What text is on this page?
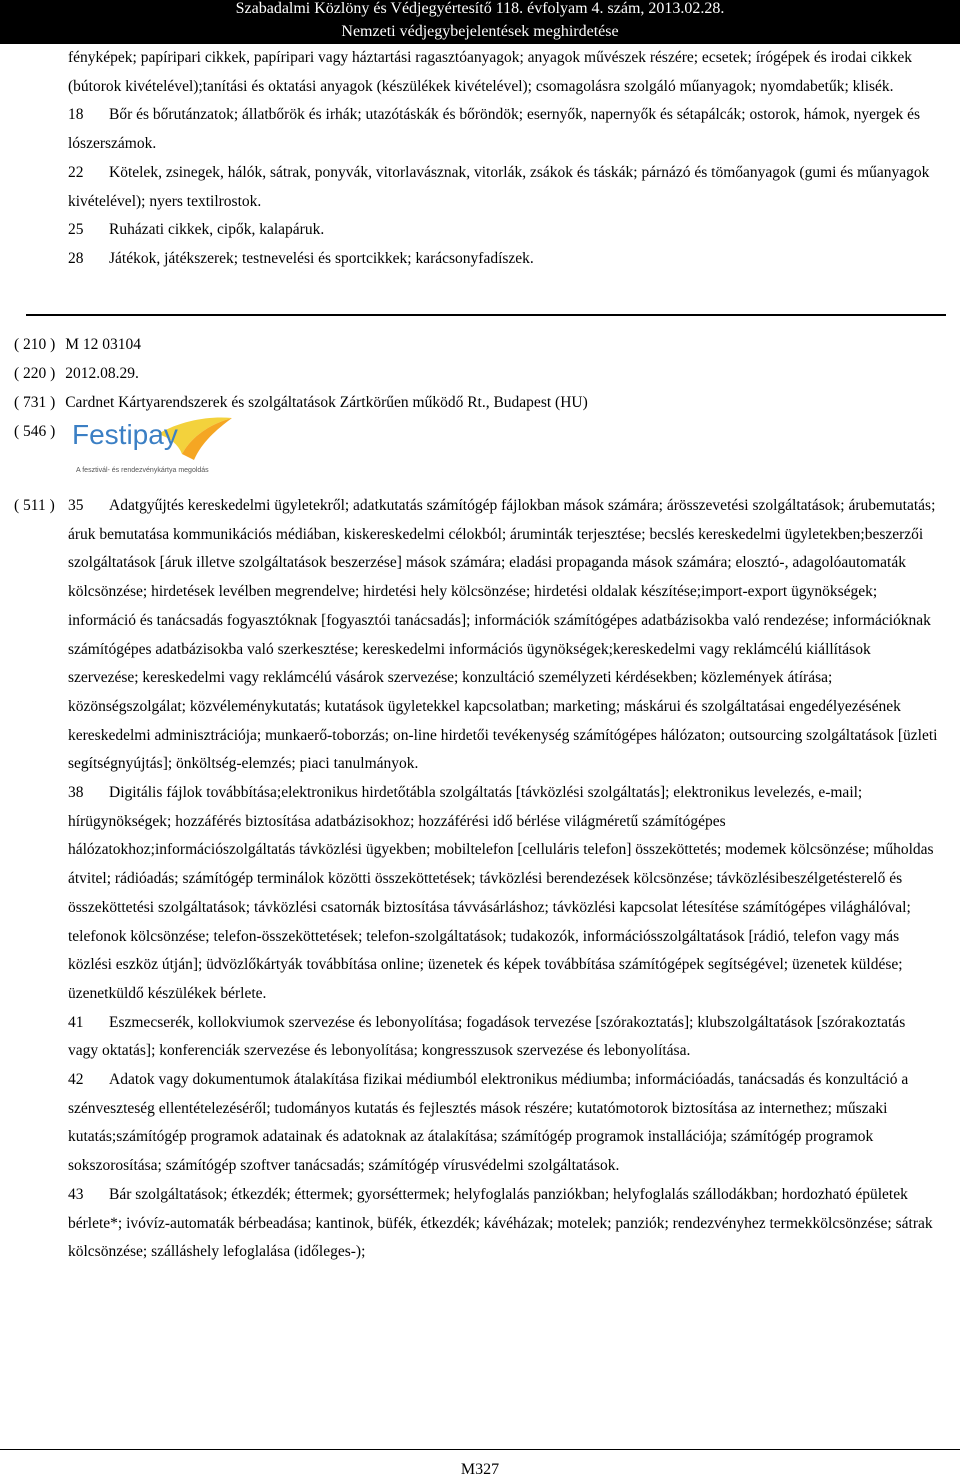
Szabadalmi Közlöny és Védjegyértesítő 118. évfolyam 4. szám, 2013.02.28.
Nemzeti védjegybejelentések meghirdetése
fényképek; papíripari cikkek, papíripari vagy háztartási ragasztóanyagok; anyagok művészek részére; ecsetek; írógépek és irodai cikkek (bútorok kivételével);tanítási és oktatási anyagok (készülékek kivételével); csomagolásra szolgáló műanyagok; nyomdabetűk; klisék.
18 Bőr és bőrutánzatok; állatbőrök és irhák; utazótáskák és bőröndök; esernyők, napernyők és sétapálcák; ostorok, hámok, nyergek és lószerszámok.
22 Kötelek, zsinegek, hálók, sátrak, ponyvák, vitorlavásznak, vitorlák, zsákok és táskák; párnázó és tömőanyagok (gumi és műanyagok kivételével); nyers textilrostok.
25 Ruházati cikkek, cipők, kalapáruk.
28 Játékok, játékszerek; testnevelési és sportcikkek; karácsonyfadíszek.
( 210 ) M 12 03104
( 220 ) 2012.08.29.
( 731 ) Cardnet Kártyarendszerek és szolgáltatások Zártkörűen működő Rt., Budapest (HU)
( 546 ) Festipay
A fesztivál- és rendezvénykártya megoldás
( 511 ) 35 Adatgyűjtés kereskedelmi ügyletekről; adatkutatás számítógép fájlokban mások számára; árösszevetési szolgáltatások; árubemutatás; áruk bemutatása kommunikációs médiában, kiskereskedelmi célokból; áruminták terjesztése; becslés kereskedelmi ügyletekben;beszerzői szolgáltatások [áruk illetve szolgáltatások beszerzése] mások számára; eladási propaganda mások számára; elosztó-, adagolóautomaták kölcsönzése; hirdetések levélben megrendelve; hirdetési hely kölcsönzése; hirdetési oldalak készítése;import-export ügynökségek; információ és tanácsadás fogyasztóknak [fogyasztói tanácsadás]; információk számítógépes adatbázisokba való rendezése; információknak számítógépes adatbázisokba való szerkesztése; kereskedelmi információs ügynökségek;kereskedelmi vagy reklámcélú kiállítások szervezése; kereskedelmi vagy reklámcélú vásárok szervezése; konzultáció személyzeti kérdésekben; közlemények átírása; közönségszolgálat; közvéleménykutatás; kutatások ügyletekkel kapcsolatban; marketing; máskárui és szolgáltatásai engedélyezésének kereskedelmi adminisztrációja; munkaerő-toborzás; on-line hirdetői tevékenység számítógépes hálózaton; outsourcing szolgáltatások [üzleti segítségnyújtás]; önköltség-elemzés; piaci tanulmányok.
38 Digitális fájlok továbbítása;elektronikus hirdetőtábla szolgáltatás [távközlési szolgáltatás]; elektronikus levelezés, e-mail; hírügynökségek; hozzáférés biztosítása adatbázisokhoz; hozzáférési idő bérlése világméretű számítógépes hálózatokhoz;információszolgáltatás távközlési ügyekben; mobiltelefon [celluláris telefon] összeköttetés; modemek kölcsönzése; műholdas átvitel; rádióadás; számítógép terminálok közötti összeköttetések; távközlési berendezések kölcsönzése; távközlésibeszélgetésterelő és összeköttetési szolgáltatások; távközlési csatornák biztosítása távvásárláshoz; távközlési kapcsolat létesítése számítógépes világhálóval; telefonok kölcsönzése; telefon-összeköttetések; telefon-szolgáltatások; tudakozók, információsszolgáltatások [rádió, telefon vagy más közlési eszköz útján]; üdvözlőkártyák továbbítása online; üzenetek és képek továbbítása számítógépek segítségével; üzenetek küldése; üzenetküldő készülékek bérlete.
41 Eszmecserék, kollokviumok szervezése és lebonyolítása; fogadások tervezése [szórakoztatás]; klubszolgáltatások [szórakoztatás vagy oktatás]; konferenciák szervezése és lebonyolítása; kongresszusok szervezése és lebonyolítása.
42 Adatok vagy dokumentumok átalakítása fizikai médiumból elektronikus médiumba; információadás, tanácsadás és konzultáció a szénveszteség ellentételezéséről; tudományos kutatás és fejlesztés mások részére; kutatómotorok biztosítása az internethez; műszaki kutatás;számítógép programok adatainak és adatoknak az átalakítása; számítógép programok installációja; számítógép programok sokszorosítása; számítógép szoftver tanácsadás; számítógép vírusvédelmi szolgáltatások.
43 Bár szolgáltatások; étkezdék; éttermek; gyorséttermek; helyfoglalás panziókban; helyfoglalás szállodákban; hordozható épületek bérlete*; ivóvíz-automaták bérbeadása; kantinok, büfék, étkezdék; kávéházak; motelek; panziók; rendezvényhez termekkölcsönzése; sátrak kölcsönzése; szálláshely lefoglalása (időleges-);
M327
